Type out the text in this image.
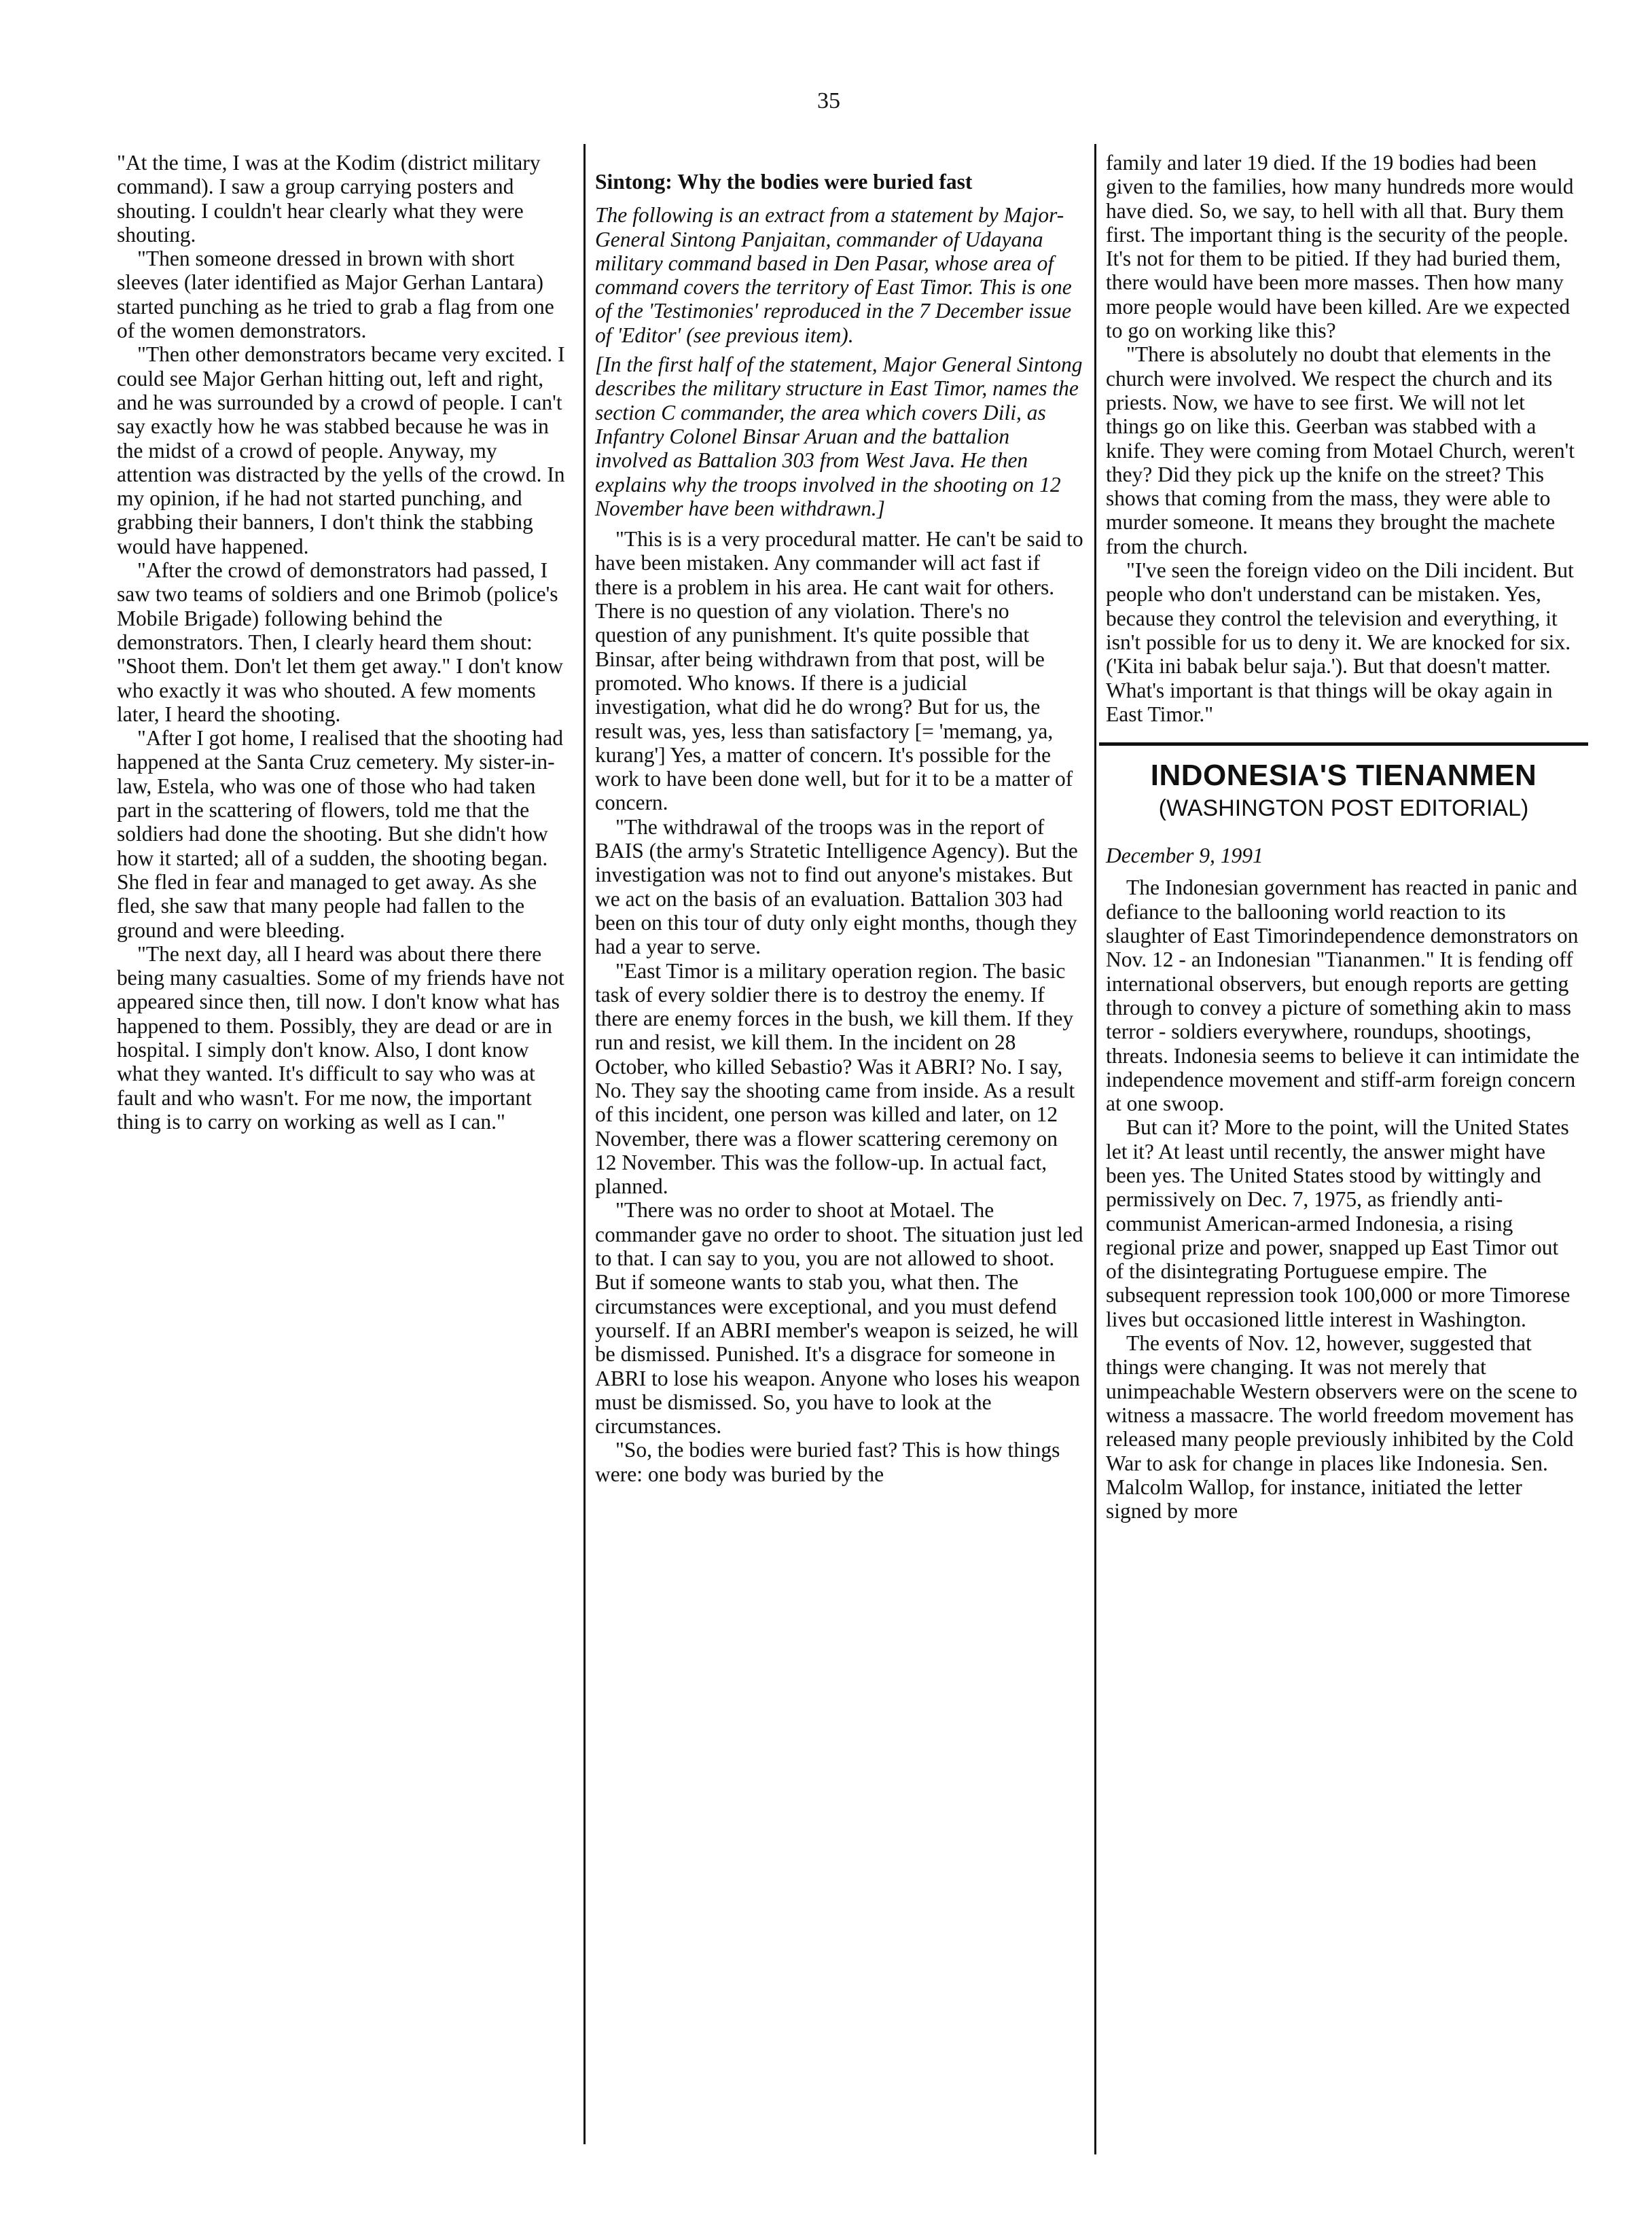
35

"At the time, I was at the Kodim (district military command). I saw a group carrying posters and shouting. I couldn't hear clearly what they were shouting.

"Then someone dressed in brown with short sleeves (later identified as Major Gerhan Lantara) started punching as he tried to grab a flag from one of the women demonstrators.

"Then other demonstrators became very excited. I could see Major Gerhan hitting out, left and right, and he was surrounded by a crowd of people. I can't say exactly how he was stabbed because he was in the midst of a crowd of people. Anyway, my attention was distracted by the yells of the crowd. In my opinion, if he had not started punching, and grabbing their banners, I don't think the stabbing would have happened.

"After the crowd of demonstrators had passed, I saw two teams of soldiers and one Brimob (police's Mobile Brigade) following behind the demonstrators. Then, I clearly heard them shout: "Shoot them. Don't let them get away." I don't know who exactly it was who shouted. A few moments later, I heard the shooting.

"After I got home, I realised that the shooting had happened at the Santa Cruz cemetery. My sister-in-law, Estela, who was one of those who had taken part in the scattering of flowers, told me that the soldiers had done the shooting. But she didn't how how it started; all of a sudden, the shooting began. She fled in fear and managed to get away. As she fled, she saw that many people had fallen to the ground and were bleeding.

"The next day, all I heard was about there there being many casualties. Some of my friends have not appeared since then, till now. I don't know what has happened to them. Possibly, they are dead or are in hospital. I simply don't know. Also, I dont know what they wanted. It's difficult to say who was at fault and who wasn't. For me now, the important thing is to carry on working as well as I can."

Sintong: Why the bodies were buried fast

The following is an extract from a statement by Major-General Sintong Panjaitan, commander of Udayana military command based in Den Pasar, whose area of command covers the territory of East Timor. This is one of the 'Testimonies' reproduced in the 7 December issue of 'Editor' (see previous item).

[In the first half of the statement, Major General Sintong describes the military structure in East Timor, names the section C commander, the area which covers Dili, as Infantry Colonel Binsar Aruan and the battalion involved as Battalion 303 from West Java. He then explains why the troops involved in the shooting on 12 November have been withdrawn.]

"This is is a very procedural matter. He can't be said to have been mistaken. Any commander will act fast if there is a problem in his area. He cant wait for others. There is no question of any violation. There's no question of any punishment. It's quite possible that Binsar, after being withdrawn from that post, will be promoted. Who knows. If there is a judicial investigation, what did he do wrong? But for us, the result was, yes, less than satisfactory [= 'memang, ya, kurang'] Yes, a matter of concern. It's possible for the work to have been done well, but for it to be a matter of concern.

"The withdrawal of the troops was in the report of BAIS (the army's Stratetic Intelligence Agency). But the investigation was not to find out anyone's mistakes. But we act on the basis of an evaluation. Battalion 303 had been on this tour of duty only eight months, though they had a year to serve.

"East Timor is a military operation region. The basic task of every soldier there is to destroy the enemy. If there are enemy forces in the bush, we kill them. If they run and resist, we kill them. In the incident on 28 October, who killed Sebastio? Was it ABRI? No. I say, No. They say the shooting came from inside. As a result of this incident, one person was killed and later, on 12 November, there was a flower scattering ceremony on 12 November. This was the follow-up. In actual fact, planned.

"There was no order to shoot at Motael. The commander gave no order to shoot. The situation just led to that. I can say to you, you are not allowed to shoot. But if someone wants to stab you, what then. The circumstances were exceptional, and you must defend yourself. If an ABRI member's weapon is seized, he will be dismissed. Punished. It's a disgrace for someone in ABRI to lose his weapon. Anyone who loses his weapon must be dismissed. So, you have to look at the circumstances.

"So, the bodies were buried fast? This is how things were: one body was buried by the

family and later 19 died. If the 19 bodies had been given to the families, how many hundreds more would have died. So, we say, to hell with all that. Bury them first. The important thing is the security of the people. It's not for them to be pitied. If they had buried them, there would have been more masses. Then how many more people would have been killed. Are we expected to go on working like this?

"There is absolutely no doubt that elements in the church were involved. We respect the church and its priests. Now, we have to see first. We will not let things go on like this. Geerban was stabbed with a knife. They were coming from Motael Church, weren't they? Did they pick up the knife on the street? This shows that coming from the mass, they were able to murder someone. It means they brought the machete from the church.

"I've seen the foreign video on the Dili incident. But people who don't understand can be mistaken. Yes, because they control the television and everything, it isn't possible for us to deny it. We are knocked for six. ('Kita ini babak belur saja.'). But that doesn't matter. What's important is that things will be okay again in East Timor."

INDONESIA'S TIENANMEN
(WASHINGTON POST EDITORIAL)
December 9, 1991

The Indonesian government has reacted in panic and defiance to the ballooning world reaction to its slaughter of East Timorindependence demonstrators on Nov. 12 - an Indonesian "Tiananmen." It is fending off international observers, but enough reports are getting through to convey a picture of something akin to mass terror - soldiers everywhere, roundups, shootings, threats. Indonesia seems to believe it can intimidate the independence movement and stiff-arm foreign concern at one swoop.

But can it? More to the point, will the United States let it? At least until recently, the answer might have been yes. The United States stood by wittingly and permissively on Dec. 7, 1975, as friendly anti-communist American-armed Indonesia, a rising regional prize and power, snapped up East Timor out of the disintegrating Portuguese empire. The subsequent repression took 100,000 or more Timorese lives but occasioned little interest in Washington.

The events of Nov. 12, however, suggested that things were changing. It was not merely that unimpeachable Western observers were on the scene to witness a massacre. The world freedom movement has released many people previously inhibited by the Cold War to ask for change in places like Indonesia. Sen. Malcolm Wallop, for instance, initiated the letter signed by more
